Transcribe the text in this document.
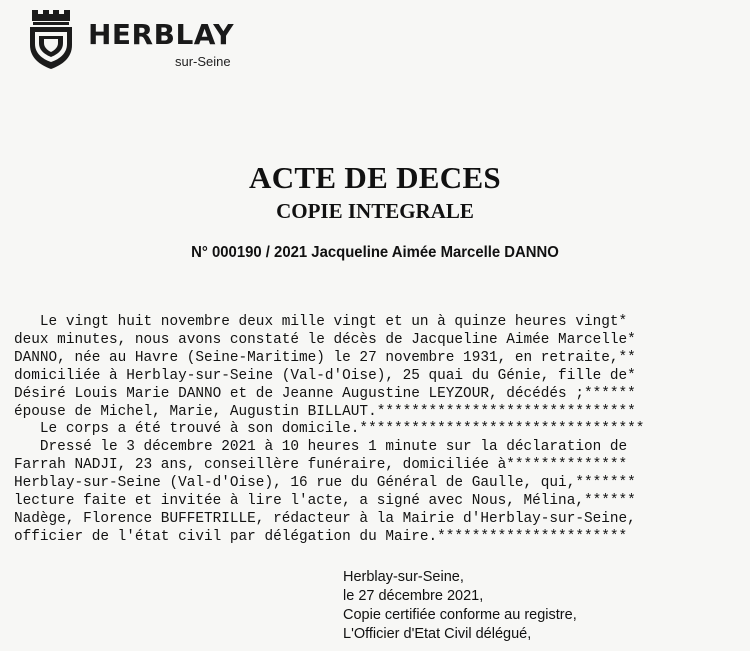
HERBLAY
sur-Seine
ACTE DE DECES
COPIE INTEGRALE
N° 000190 / 2021 Jacqueline Aimée Marcelle DANNO
Le vingt huit novembre deux mille vingt et un à quinze heures vingt*
deux minutes, nous avons constaté le décès de Jacqueline Aimée Marcelle*
DANNO, née au Havre (Seine-Maritime) le 27 novembre 1931, en retraite,**
domiciliée à Herblay-sur-Seine (Val-d'Oise), 25 quai du Génie, fille de*
Désiré Louis Marie DANNO et de Jeanne Augustine LEYZOUR, décédés ;******
épouse de Michel, Marie, Augustin BILLAUT.******************************
Le corps a été trouvé à son domicile.*********************************
Dressé le 3 décembre 2021 à 10 heures 1 minute sur la déclaration de
Farrah NADJI, 23 ans, conseillère funéraire, domiciliée à**************
Herblay-sur-Seine (Val-d'Oise), 16 rue du Général de Gaulle, qui,*******
lecture faite et invitée à lire l'acte, a signé avec Nous, Mélina,******
Nadège, Florence BUFFETRILLE, rédacteur à la Mairie d'Herblay-sur-Seine,
officier de l'état civil par délégation du Maire.**********************
Herblay-sur-Seine,
le 27 décembre 2021,
Copie certifiée conforme au registre,
L'Officier d'Etat Civil délégué,
